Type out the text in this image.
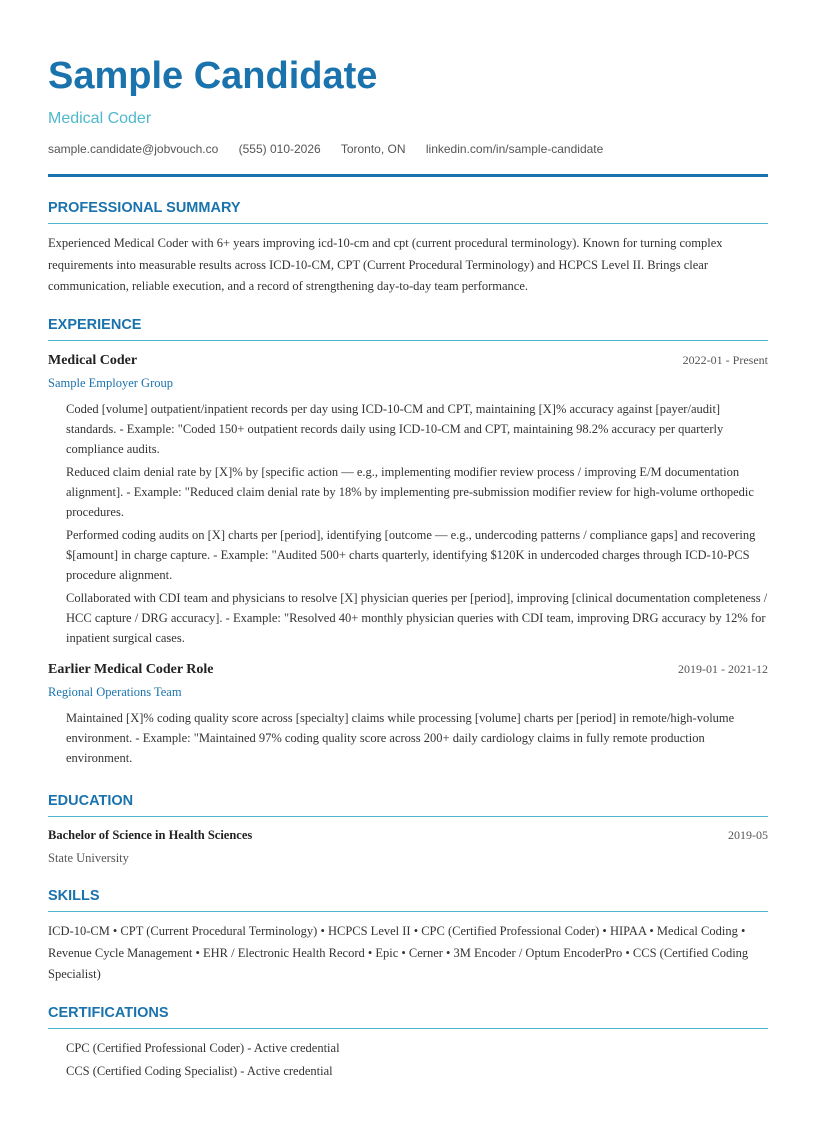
Sample Candidate
Medical Coder
sample.candidate@jobvouch.co (555) 010-2026 Toronto, ON linkedin.com/in/sample-candidate
PROFESSIONAL SUMMARY

Experienced Medical Coder with 6+ years improving icd-10-cm and cpt (current procedural terminology). Known for turning complex requirements into measurable results across ICD-10-CM, CPT (Current Procedural Terminology) and HCPCS Level II. Brings clear communication, reliable execution, and a record of strengthening day-to-day team performance.

EXPERIENCE
Medical Coder	2022-01 - Present
Sample Employer Group
Coded [volume] outpatient/inpatient records per day using ICD-10-CM and CPT, maintaining [X]% accuracy against [payer/audit] standards. - Example: "Coded 150+ outpatient records daily using ICD-10-CM and CPT, maintaining 98.2% accuracy per quarterly compliance audits.
Reduced claim denial rate by [X]% by [specific action — e.g., implementing modifier review process / improving E/M documentation alignment]. - Example: "Reduced claim denial rate by 18% by implementing pre-submission modifier review for high-volume orthopedic procedures.
Performed coding audits on [X] charts per [period], identifying [outcome — e.g., undercoding patterns / compliance gaps] and recovering $[amount] in charge capture. - Example: "Audited 500+ charts quarterly, identifying $120K in undercoded charges through ICD-10-PCS procedure alignment.
Collaborated with CDI team and physicians to resolve [X] physician queries per [period], improving [clinical documentation completeness / HCC capture / DRG accuracy]. - Example: "Resolved 40+ monthly physician queries with CDI team, improving DRG accuracy by 12% for inpatient surgical cases.
Earlier Medical Coder Role	2019-01 - 2021-12
Regional Operations Team
Maintained [X]% coding quality score across [specialty] claims while processing [volume] charts per [period] in remote/high-volume environment. - Example: "Maintained 97% coding quality score across 200+ daily cardiology claims in fully remote production environment.
EDUCATION
Bachelor of Science in Health Sciences	2019-05
State University
SKILLS

ICD-10-CM • CPT (Current Procedural Terminology) • HCPCS Level II • CPC (Certified Professional Coder) • HIPAA • Medical Coding • Revenue Cycle Management • EHR / Electronic Health Record • Epic • Cerner • 3M Encoder / Optum EncoderPro • CCS (Certified Coding Specialist)

CERTIFICATIONS
CPC (Certified Professional Coder) - Active credential
CCS (Certified Coding Specialist) - Active credential
